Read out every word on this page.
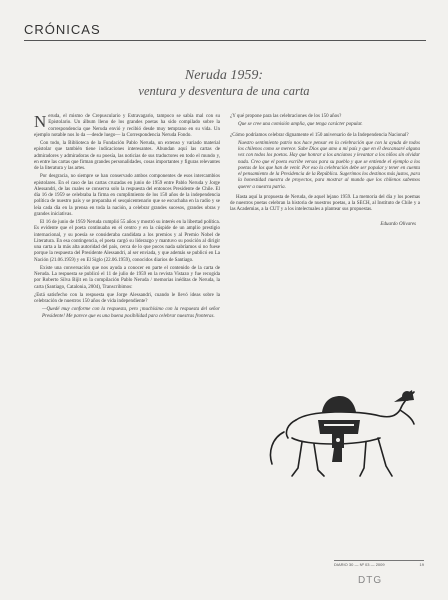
CRÓNICAS

Neruda 1959:

ventura y desventura de una carta

Neruda, el mismo de Crepusculario y Estravagario, tampoco se sabía mal con su Epistolario. Un álbum lleno de los grandes poetas ha sido compilado sobre la correspondencia que Neruda envió y recibió desde muy temprano en su vida. Un ejemplo notable nos lo da —desde luego— la Correspondencia Neruda Fondo.

Con todo, la Biblioteca de la Fundación Pablo Neruda, un extenso y variado material epistolar que también tiene indicaciones interesantes. Abundan aquí las cartas de admiradores y admiradoras de su poesía, las noticias de sus traductores en todo el mundo y, en entre las cartas que firman grandes personalidades, cosas importantes y figuras relevantes de la literatura y las artes.

Por desgracia, no siempre se han conservado ambos componentes de esos intercambios epistolares. En el caso de las cartas cruzadas en junio de 1959 entre Pablo Neruda y Jorge Alessandri, de las cuales se conserva solo la respuesta del entonces Presidente de Chile. El día 16 de 1959 se celebraba la firma en cumplimiento de los 150 años de la independencia política de nuestro país y se preparaba el sesquicentenario que se escuchaba en la radio y se leía cada día en la prensa en toda la nación, a celebrar grandes sucesos, grandes obras y grandes iniciativas.

El 16 de junio de 1959 Neruda cumplió 55 años y mostró su interés en la libertad política. Es evidente que el poeta continuaba en el centro y en la cúspide de un amplio prestigio internacional, y su poesía se consideraba candidata a los premios y al Premio Nobel de Literatura. En esa contingencia, el poeta cargó su liderazgo y mantuvo su posición al dirigir una carta a la más alta autoridad del país, cerca de lo que pocos nada sabríamos si no fuese porque la respuesta del Presidente Alessandri, al ser enviada, y que además se publicó en La Nación (21.06.1959) y en El Siglo (22.06.1959), conocidos diarios de Santiago.

Existe una conversación que nos ayuda a conocer en parte el contenido de la carta de Neruda. La respuesta se publicó el 11 de julio de 1959 en la revista Vistazo y fue recogida por Roberto Silva Bijit en la compilación Pablo Neruda / memorias inéditas de Neruda, la carta (Santiago, Catalonia, 2004), Transcribimos:

¿Está satisfecho con la respuesta que Jorge Alessandri, cuando le llevó ideas sobre la celebración de nuestros 150 años de vida independiente?

—Quedé muy conforme con la respuesta, pero ¡muchísimo con la respuesta del señor Presidente! Me parece que es una buena posibilidad para celebrar nuestras fronteras.

¿Y qué propone para las celebraciones de los 150 años?

Que se cree una comisión amplia, que tenga carácter popular.

¿Cómo podríamos celebrar dignamente el 150 aniversario de la Independencia Nacional?

Nuestro sentimiento patrio nos hace pensar en la celebración que con la ayuda de todos los chilenos como se merece. Sabe Dios que amo a mi país y que en él descansaré alguna vez con todos los poetas. Hay que honrar a los ancianos y levantar a los niños sin olvidar nada. Creo que el poeta escribe versos para su pueblo y que se entiende el ejemplo a los poetas de los que han de venir. Por eso la celebración debe ser popular y tener en cuenta el pensamiento de la Presidencia de la República. Sugerimos los destinos más justos, para la honestidad nuestra de proyectos, para mostrar al mundo que los chilenos sabemos querer a nuestra patria.

Hasta aquí la propuesta de Neruda, de aquel lejano 1959. La memoria del día y los poemas de nuestros poetas celebran la historia de nuestros poetas, a la SECH, al Instituto de Chile y a las Academias, a la CUT y a los intelectuales a plantear sus propuestas.

Eduardo Olivares

DIARIO 30 — Nº 03 — 2009	19
DTG
